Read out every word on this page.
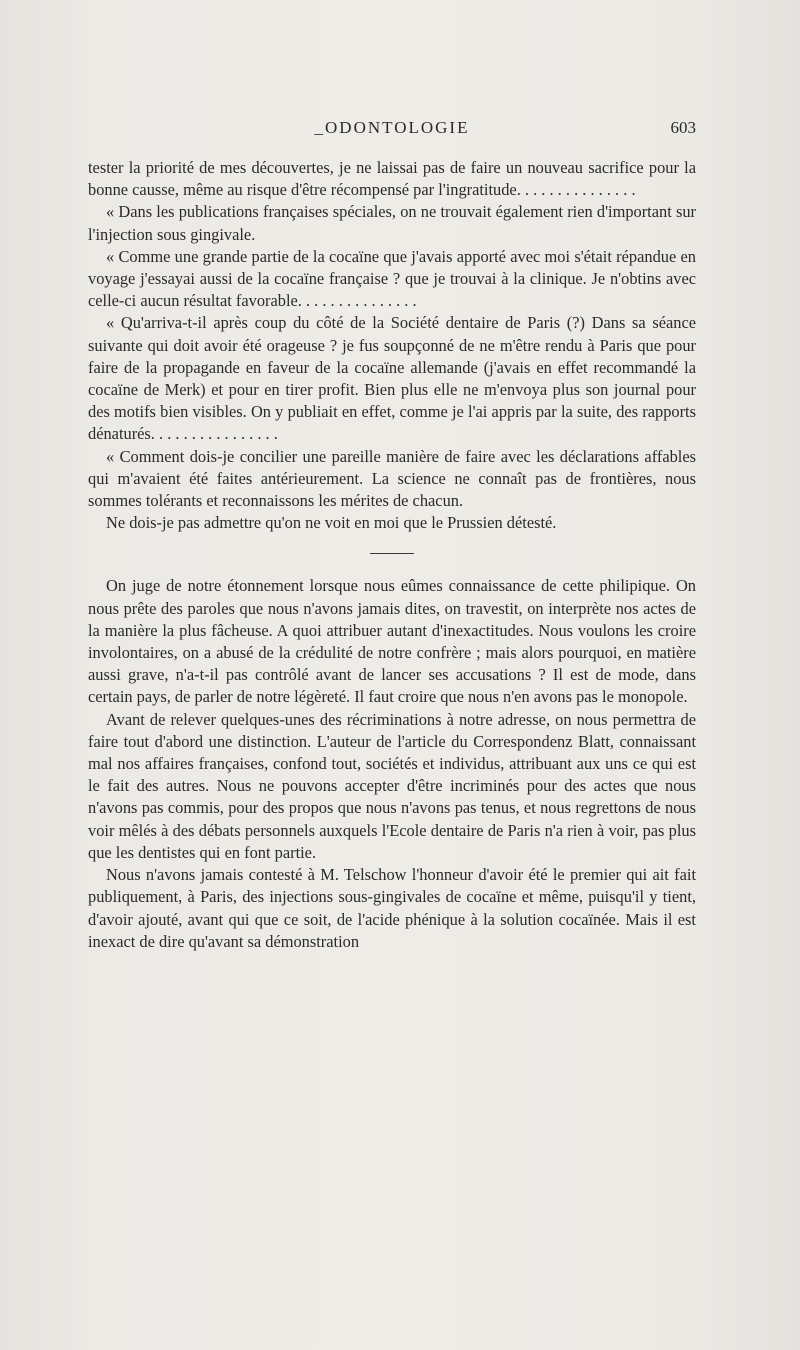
_ODONTOLOGIE	603

tester la priorité de mes découvertes, je ne laissai pas de faire un nouveau sacrifice pour la bonne causse, même au risque d'être récompensé par l'ingratitude. . . . . . . . . . . . . . .

« Dans les publications françaises spéciales, on ne trouvait également rien d'important sur l'injection sous gingivale.

« Comme une grande partie de la cocaïne que j'avais apporté avec moi s'était répandue en voyage j'essayai aussi de la cocaïne française ? que je trouvai à la clinique. Je n'obtins avec celle-ci aucun résultat favorable. . . . . . . . . . . . . . .

« Qu'arriva-t-il après coup du côté de la Société dentaire de Paris (?) Dans sa séance suivante qui doit avoir été orageuse ? je fus soupçonné de ne m'être rendu à Paris que pour faire de la propagande en faveur de la cocaïne allemande (j'avais en effet recommandé la cocaïne de Merk) et pour en tirer profit. Bien plus elle ne m'envoya plus son journal pour des motifs bien visibles. On y publiait en effet, comme je l'ai appris par la suite, des rapports dénaturés. . . . . . . . . . . . . . . .

« Comment dois-je concilier une pareille manière de faire avec les déclarations affables qui m'avaient été faites antérieurement. La science ne connaît pas de frontières, nous sommes tolérants et reconnaissons les mérites de chacun.

Ne dois-je pas admettre qu'on ne voit en moi que le Prussien détesté.

On juge de notre étonnement lorsque nous eûmes connaissance de cette philipique. On nous prête des paroles que nous n'avons jamais dites, on travestit, on interprète nos actes de la manière la plus fâcheuse. A quoi attribuer autant d'inexactitudes. Nous voulons les croire involontaires, on a abusé de la crédulité de notre confrère ; mais alors pourquoi, en matière aussi grave, n'a-t-il pas contrôlé avant de lancer ses accusations ? Il est de mode, dans certain pays, de parler de notre légèreté. Il faut croire que nous n'en avons pas le monopole.

Avant de relever quelques-unes des récriminations à notre adresse, on nous permettra de faire tout d'abord une distinction. L'auteur de l'article du Correspondenz Blatt, connaissant mal nos affaires françaises, confond tout, sociétés et individus, attribuant aux uns ce qui est le fait des autres. Nous ne pouvons accepter d'être incriminés pour des actes que nous n'avons pas commis, pour des propos que nous n'avons pas tenus, et nous regrettons de nous voir mêlés à des débats personnels auxquels l'Ecole dentaire de Paris n'a rien à voir, pas plus que les dentistes qui en font partie.

Nous n'avons jamais contesté à M. Telschow l'honneur d'avoir été le premier qui ait fait publiquement, à Paris, des injections sous-gingivales de cocaïne et même, puisqu'il y tient, d'avoir ajouté, avant qui que ce soit, de l'acide phénique à la solution cocaïnée. Mais il est inexact de dire qu'avant sa démonstration
